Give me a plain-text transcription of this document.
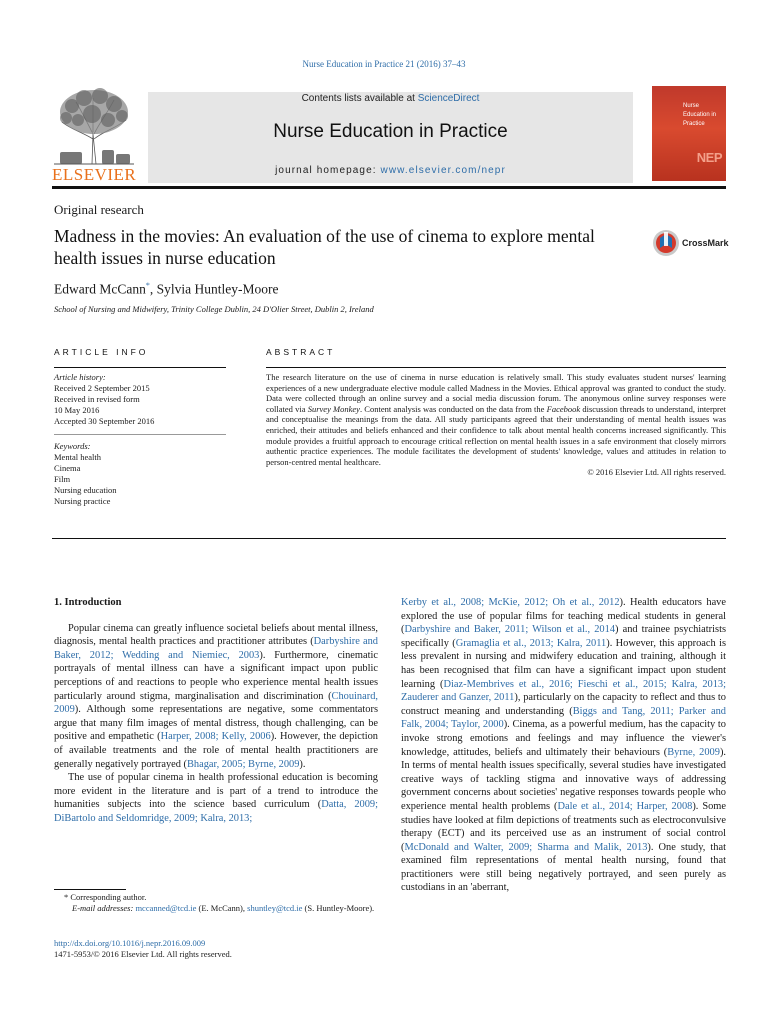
Nurse Education in Practice 21 (2016) 37–43
ELSEVIER
Contents lists available at ScienceDirect
Nurse Education in Practice
journal homepage: www.elsevier.com/nepr
Nurse Education in Practice
NEP
Original research
Madness in the movies: An evaluation of the use of cinema to explore mental health issues in nurse education
CrossMark
Edward McCann*, Sylvia Huntley-Moore
School of Nursing and Midwifery, Trinity College Dublin, 24 D'Olier Street, Dublin 2, Ireland
ARTICLE INFO	ABSTRACT
Article history:
Received 2 September 2015
Received in revised form
10 May 2016
Accepted 30 September 2016
Keywords:
Mental health
Cinema
Film
Nursing education
Nursing practice
The research literature on the use of cinema in nurse education is relatively small. This study evaluates student nurses' learning experiences of a new undergraduate elective module called Madness in the Movies. Ethical approval was granted to conduct the study. Data were collected through an online survey and a social media discussion forum. The anonymous online survey responses were collated via Survey Monkey. Content analysis was conducted on the data from the Facebook discussion threads to understand, interpret and conceptualise the meanings from the data. All study participants agreed that their understanding of mental health issues was enriched, their attitudes and beliefs enhanced and their confidence to talk about mental health concerns increased significantly. This module provides a fruitful approach to encourage critical reflection on mental health issues in a safe environment that closely mirrors authentic practice experiences. The module facilitates the development of students' knowledge, values and attitudes in relation to person-centred mental healthcare.
© 2016 Elsevier Ltd. All rights reserved.
1. Introduction

Popular cinema can greatly influence societal beliefs about mental illness, diagnosis, mental health practices and practitioner attributes (Darbyshire and Baker, 2012; Wedding and Niemiec, 2003). Furthermore, cinematic portrayals of mental illness can have a significant impact upon public perceptions of and reactions to people who experience mental health issues particularly around stigma, marginalisation and discrimination (Chouinard, 2009). Although some representations are negative, some commentators argue that many film images of mental distress, though challenging, can be positive and empathetic (Harper, 2008; Kelly, 2006). However, the depiction of available treatments and the role of mental health practitioners are generally negatively portrayed (Bhagar, 2005; Byrne, 2009).

The use of popular cinema in health professional education is becoming more evident in the literature and is part of a trend to introduce the humanities subjects into the science based curriculum (Datta, 2009; DiBartolo and Seldomridge, 2009; Kalra, 2013;

Kerby et al., 2008; McKie, 2012; Oh et al., 2012). Health educators have explored the use of popular films for teaching medical students in general (Darbyshire and Baker, 2011; Wilson et al., 2014) and trainee psychiatrists specifically (Gramaglia et al., 2013; Kalra, 2011). However, this approach is less prevalent in nursing and midwifery education and training, although it has been recognised that film can have a significant impact upon student learning (Diaz-Membrives et al., 2016; Fieschi et al., 2015; Kalra, 2013; Zauderer and Ganzer, 2011), particularly on the capacity to reflect and thus to construct meaning and understanding (Biggs and Tang, 2011; Parker and Falk, 2004; Taylor, 2000). Cinema, as a powerful medium, has the capacity to invoke strong emotions and feelings and may influence the viewer's knowledge, attitudes, beliefs and ultimately their behaviours (Byrne, 2009). In terms of mental health issues specifically, several studies have investigated creative ways of tackling stigma and innovative ways of addressing government concerns about societies' negative responses towards people who experience mental health problems (Dale et al., 2014; Harper, 2008). Some studies have looked at film depictions of treatments such as electroconvulsive therapy (ECT) and its perceived use as an instrument of social control (McDonald and Walter, 2009; Sharma and Malik, 2013). One study, that examined film representations of mental health nursing, found that practitioners were still being negatively portrayed, and seen purely as custodians in an 'aberrant,

* Corresponding author.
E-mail addresses: mccanned@tcd.ie (E. McCann), shuntley@tcd.ie (S. Huntley-Moore).
http://dx.doi.org/10.1016/j.nepr.2016.09.009
1471-5953/© 2016 Elsevier Ltd. All rights reserved.
